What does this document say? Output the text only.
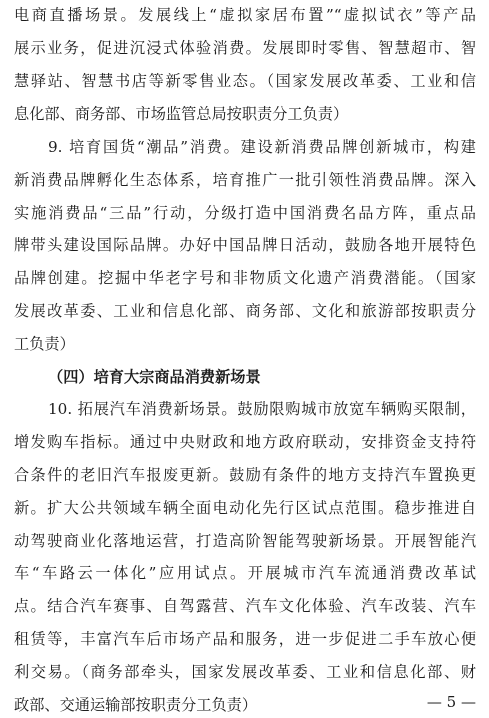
电商直播场景。发展线上“虚拟家居布置”“虚拟试衣”等产品
展示业务，促进沉浸式体验消费。发展即时零售、智慧超市、智
慧驿站、智慧书店等新零售业态。（国家发展改革委、工业和信
息化部、商务部、市场监管总局按职责分工负责）
9. 培育国货“潮品”消费。建设新消费品牌创新城市，构建
新消费品牌孵化生态体系，培育推广一批引领性消费品牌。深入
实施消费品“三品”行动，分级打造中国消费名品方阵，重点品
牌带头建设国际品牌。办好中国品牌日活动，鼓励各地开展特色
品牌创建。挖掘中华老字号和非物质文化遗产消费潜能。（国家
发展改革委、工业和信息化部、商务部、文化和旅游部按职责分
工负责）
（四）培育大宗商品消费新场景
10. 拓展汽车消费新场景。鼓励限购城市放宽车辆购买限制，
增发购车指标。通过中央财政和地方政府联动，安排资金支持符
合条件的老旧汽车报废更新。鼓励有条件的地方支持汽车置换更
新。扩大公共领域车辆全面电动化先行区试点范围。稳步推进自
动驾驶商业化落地运营，打造高阶智能驾驶新场景。开展智能汽
车“车路云一体化”应用试点。开展城市汽车流通消费改革试
点。结合汽车赛事、自驾露营、汽车文化体验、汽车改装、汽车
租赁等，丰富汽车后市场产品和服务，进一步促进二手车放心便
利交易。（商务部牵头，国家发展改革委、工业和信息化部、财
政部、交通运输部按职责分工负责）	— 5 —
